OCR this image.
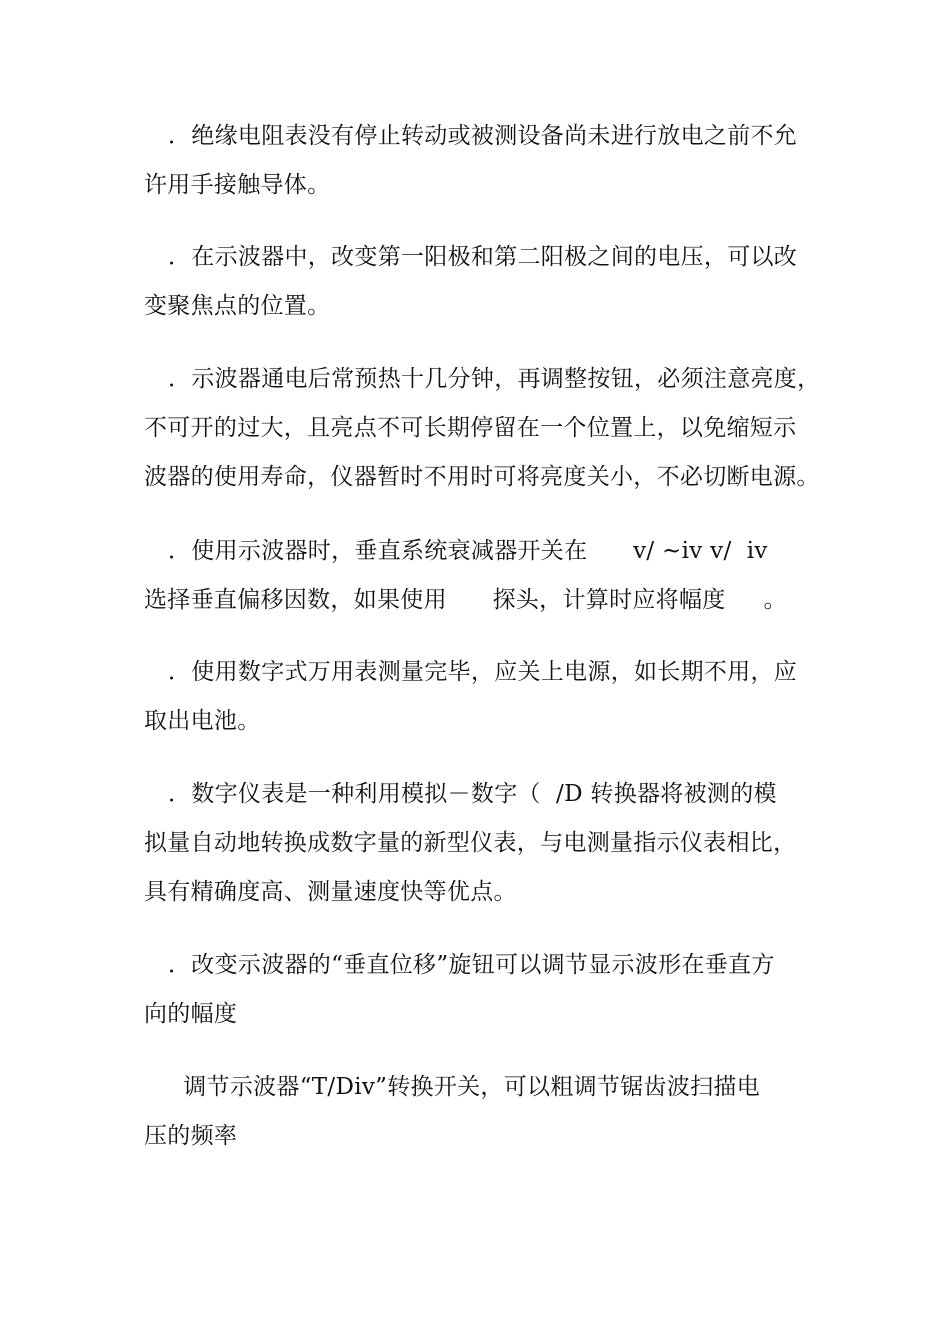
．绝缘电阻表没有停止转动或被测设备尚未进行放电之前不允
许用手接触导体。
．在示波器中，改变第一阳极和第二阳极之间的电压，可以改
变聚焦点的位置。
．示波器通电后常预热十几分钟，再调整按钮，必须注意亮度，
不可开的过大，且亮点不可长期停留在一个位置上，以免缩短示
波器的使用寿命，仪器暂时不用时可将亮度关小，不必切断电源。
．使用示波器时，垂直系统衰减器开关在      v/ ~iv v/  iv
选择垂直偏移因数，如果使用      探头，计算时应将幅度     。
．使用数字式万用表测量完毕，应关上电源，如长期不用，应
取出电池。
．数字仪表是一种利用模拟－数字（  /D 转换器将被测的模
拟量自动地转换成数字量的新型仪表，与电测量指示仪表相比，
具有精确度高、测量速度快等优点。
．改变示波器的“垂直位移”旋钮可以调节显示波形在垂直方
向的幅度
调节示波器“T/Div”转换开关，可以粗调节锯齿波扫描电
压的频率
